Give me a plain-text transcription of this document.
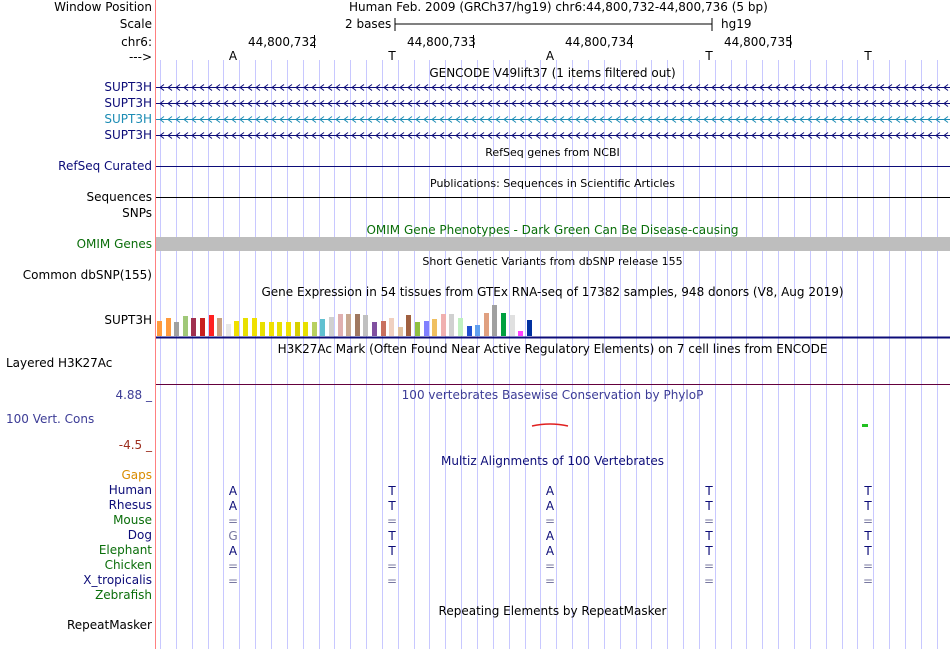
Window Position	Human Feb. 2009 (GRCh37/hg19) chr6:44,800,732-44,800,736 (5 bp)
Scale	2 bases	hg19
chr6:	44,800,732	44,800,733	44,800,734	44,800,735
--->	A	T	A	T	T
GENCODE V49lift37 (1 items filtered out)
SUPT3H
SUPT3H
SUPT3H
SUPT3H
RefSeq genes from NCBI
RefSeq Curated
Publications: Sequences in Scientific Articles
Sequences
SNPs
OMIM Gene Phenotypes - Dark Green Can Be Disease-causing
OMIM Genes
Short Genetic Variants from dbSNP release 155
Common dbSNP(155)
Gene Expression in 54 tissues from GTEx RNA-seq of 17382 samples, 948 donors (V8, Aug 2019)
SUPT3H
H3K27Ac Mark (Often Found Near Active Regulatory Elements) on 7 cell lines from ENCODE
Layered H3K27Ac
4.88 _	100 vertebrates Basewise Conservation by PhyloP
100 Vert. Cons
-4.5 _
Multiz Alignments of 100 Vertebrates
Gaps
Human	A	T	A	T	T
Rhesus	A	T	A	T	T
Mouse	=	=	=	=	=
Dog	G	T	A	T	T
Elephant	A	T	A	T	T
Chicken	=	=	=	=	=
X_tropicalis	=	=	=	=	=
Zebrafish
Repeating Elements by RepeatMasker
RepeatMasker
